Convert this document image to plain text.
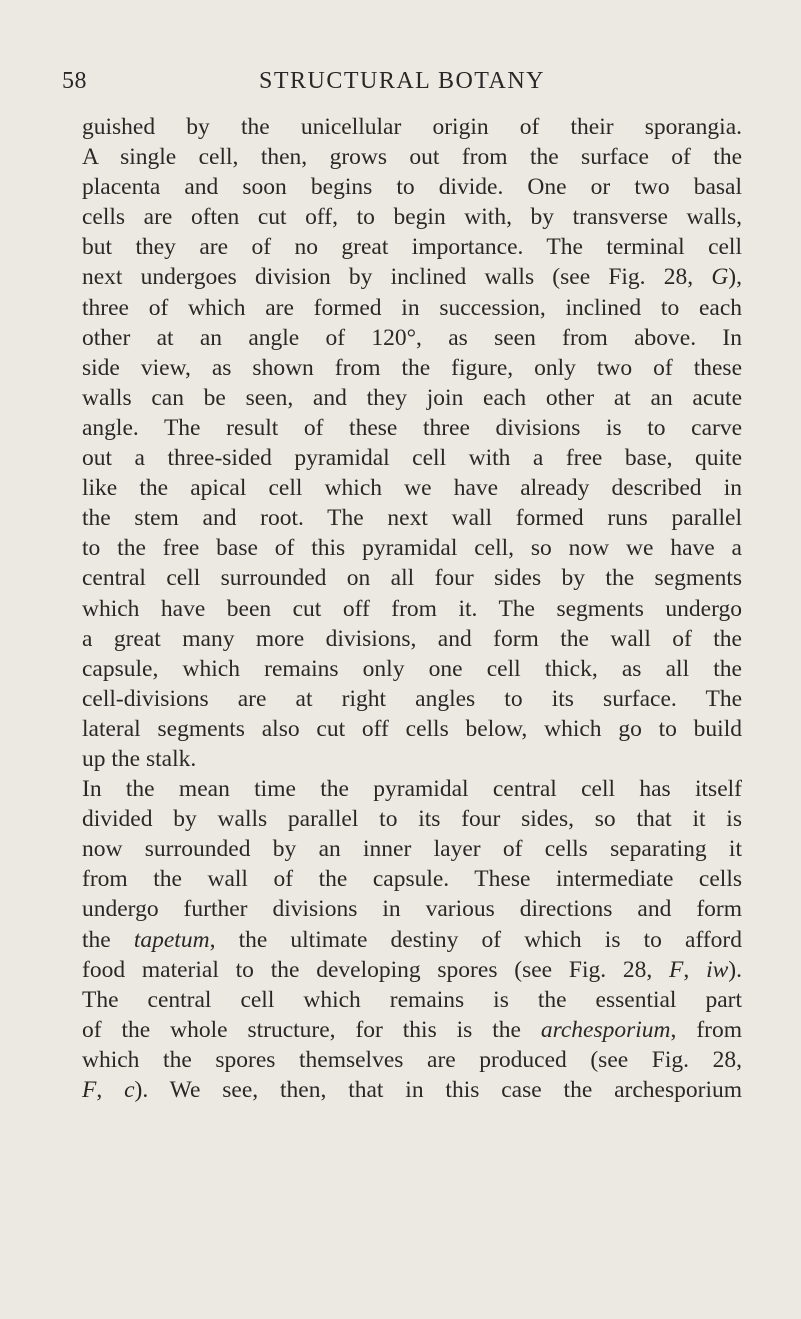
58	STRUCTURAL BOTANY
guished by the unicellular origin of their sporangia.
A single cell, then, grows out from the surface of the
placenta and soon begins to divide. One or two basal
cells are often cut off, to begin with, by transverse walls,
but they are of no great importance. The terminal cell
next undergoes division by inclined walls (see Fig. 28, G),
three of which are formed in succession, inclined to each
other at an angle of 120°, as seen from above. In
side view, as shown from the figure, only two of these
walls can be seen, and they join each other at an acute
angle. The result of these three divisions is to carve
out a three-sided pyramidal cell with a free base, quite
like the apical cell which we have already described in
the stem and root. The next wall formed runs parallel
to the free base of this pyramidal cell, so now we have a
central cell surrounded on all four sides by the segments
which have been cut off from it. The segments undergo
a great many more divisions, and form the wall of the
capsule, which remains only one cell thick, as all the
cell-divisions are at right angles to its surface. The
lateral segments also cut off cells below, which go to build
up the stalk.
In the mean time the pyramidal central cell has itself
divided by walls parallel to its four sides, so that it is
now surrounded by an inner layer of cells separating it
from the wall of the capsule. These intermediate cells
undergo further divisions in various directions and form
the tapetum, the ultimate destiny of which is to afford
food material to the developing spores (see Fig. 28, F, iw).
The central cell which remains is the essential part
of the whole structure, for this is the archesporium, from
which the spores themselves are produced (see Fig. 28,
F, c). We see, then, that in this case the archesporium
